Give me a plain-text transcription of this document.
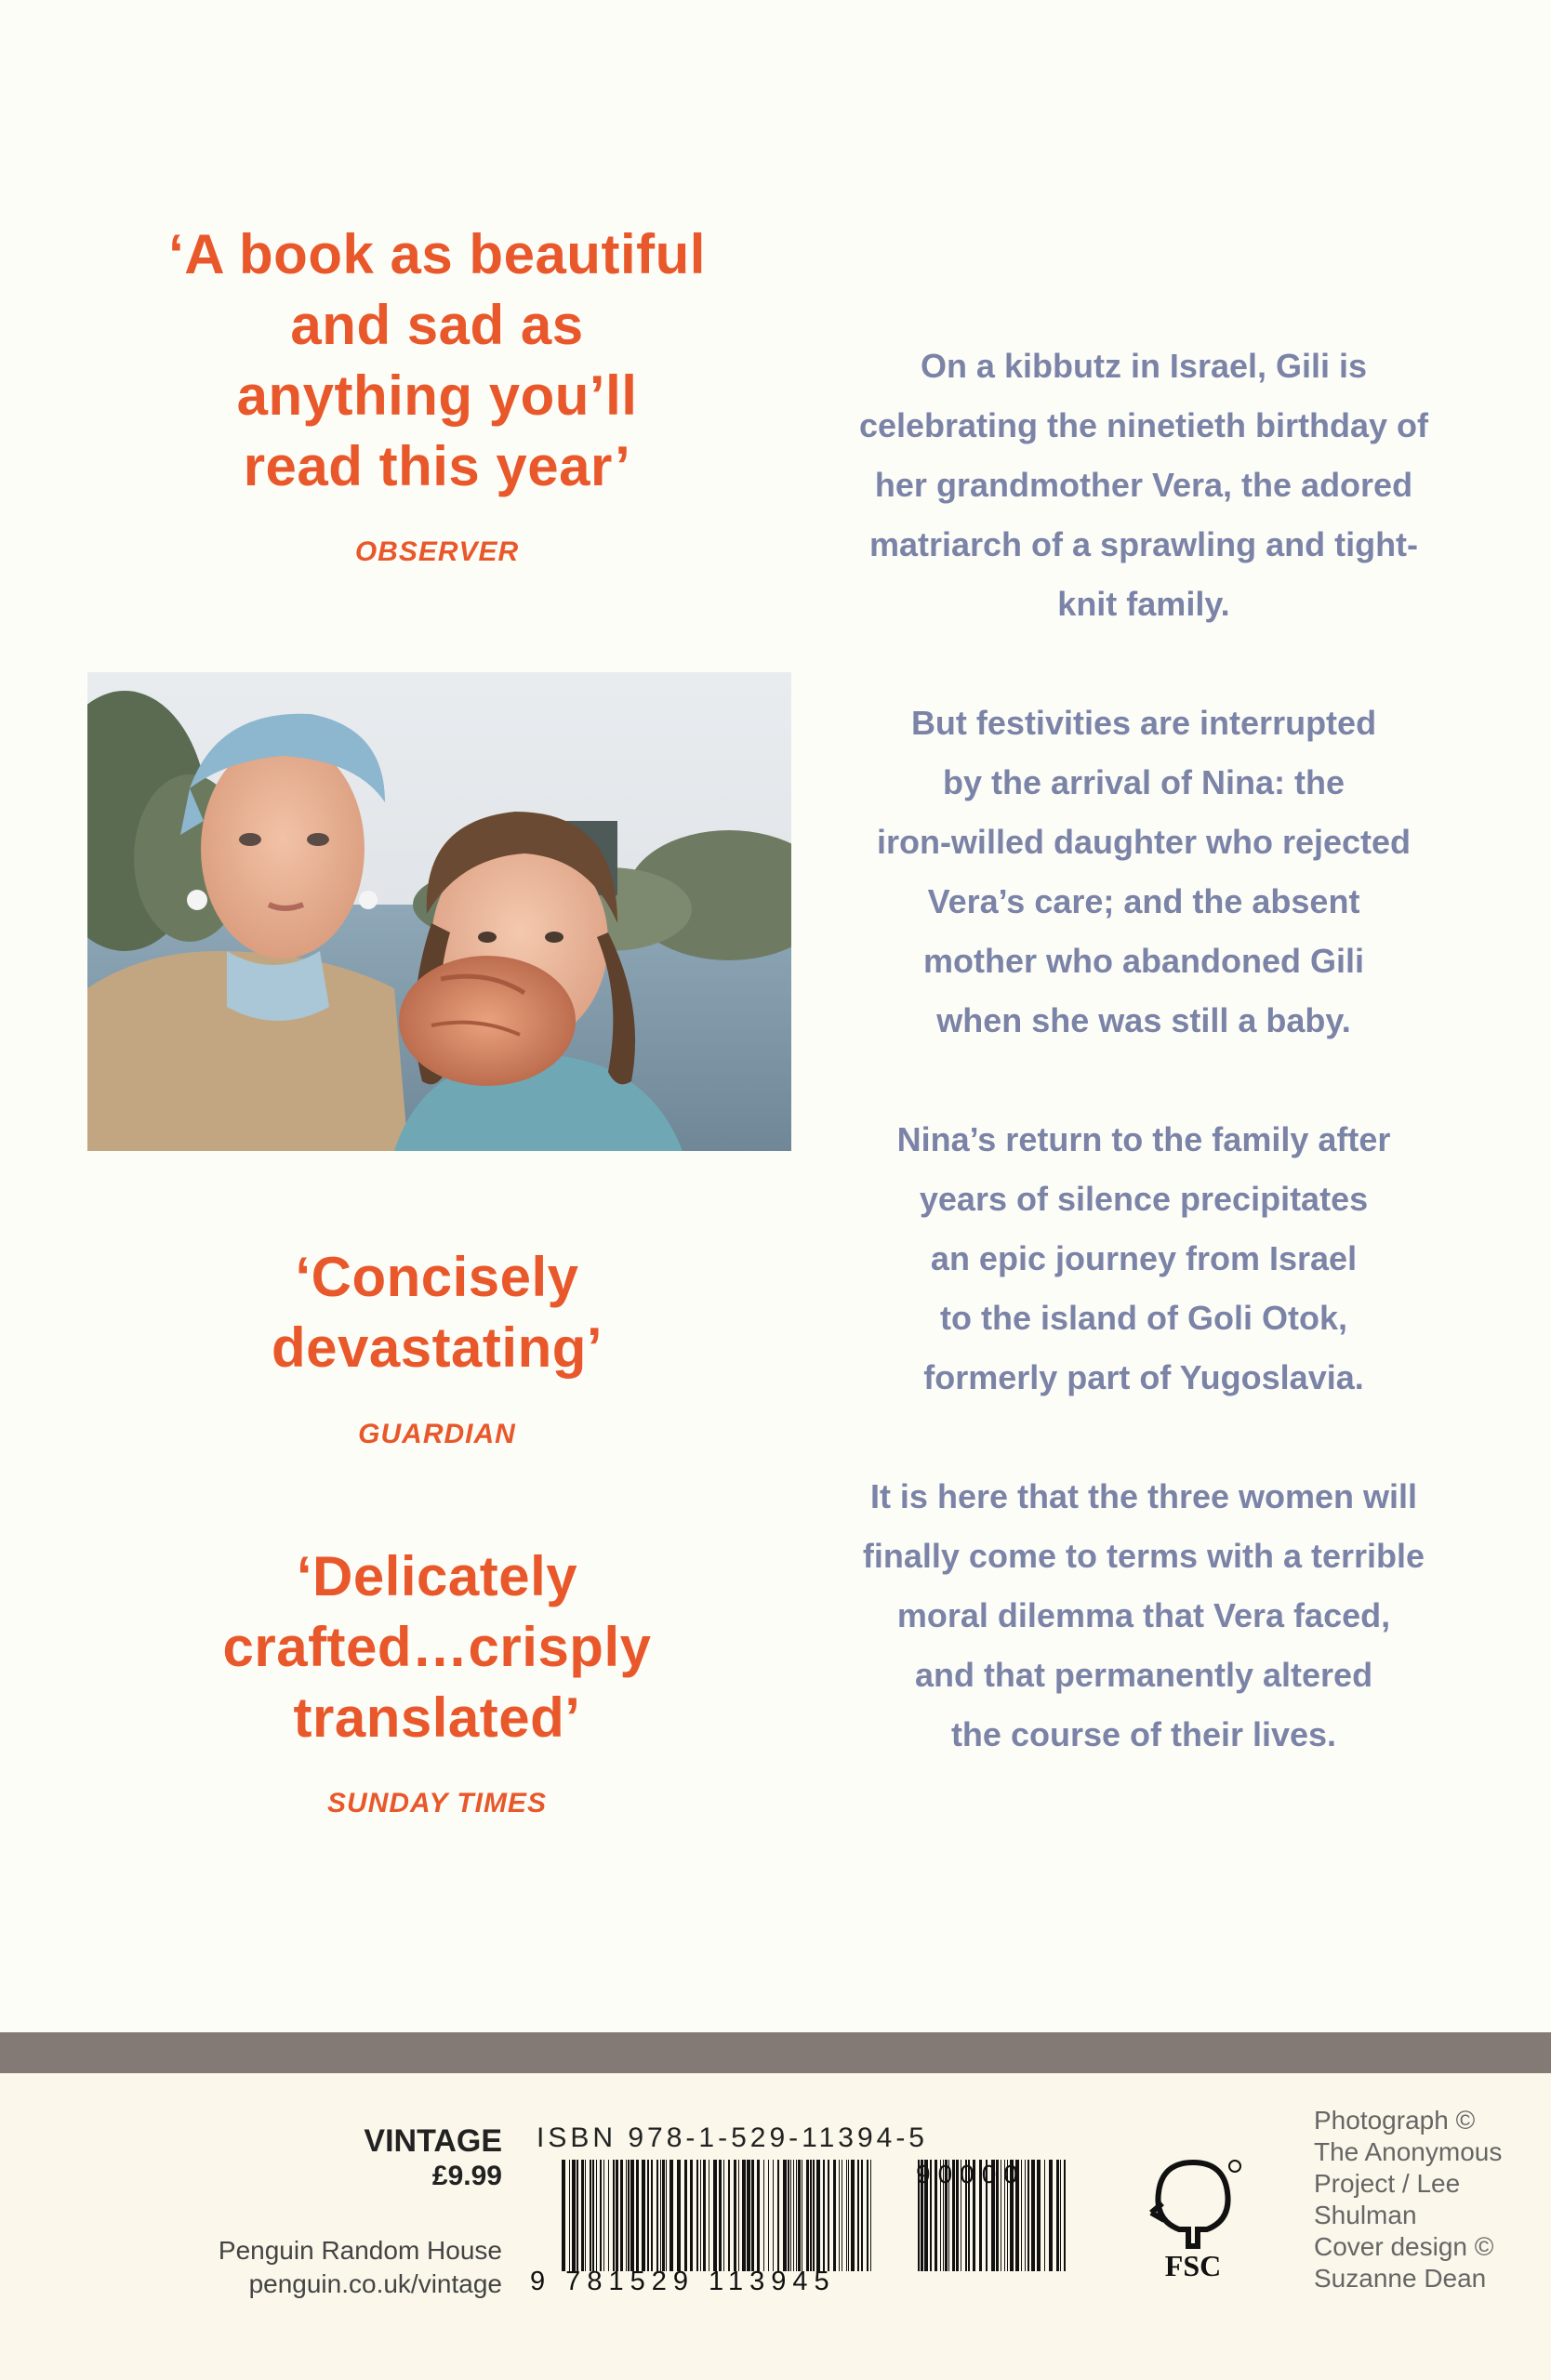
‘A book as beautiful
and sad as
anything you’ll
read this year’
OBSERVER
‘Concisely
devastating’
GUARDIAN
‘Delicately
crafted…crisply
translated’
SUNDAY TIMES

On a kibbutz in Israel, Gili is
celebrating the ninetieth birthday of
her grandmother Vera, the adored
matriarch of a sprawling and tight-
knit family.

But festivities are interrupted
by the arrival of Nina: the
iron-willed daughter who rejected
Vera’s care; and the absent
mother who abandoned Gili
when she was still a baby.

Nina’s return to the family after
years of silence precipitates
an epic journey from Israel
to the island of Goli Otok,
formerly part of Yugoslavia.

It is here that the three women will
finally come to terms with a terrible
moral dilemma that Vera faced,
and that permanently altered
the course of their lives.

VINTAGE
£9.99
Penguin Random House
penguin.co.uk/vintage
ISBN 978-1-529-11394-5
9 781529 113945
90000
FSC
Photograph ©
The Anonymous
Project / Lee
Shulman
Cover design ©
Suzanne Dean
